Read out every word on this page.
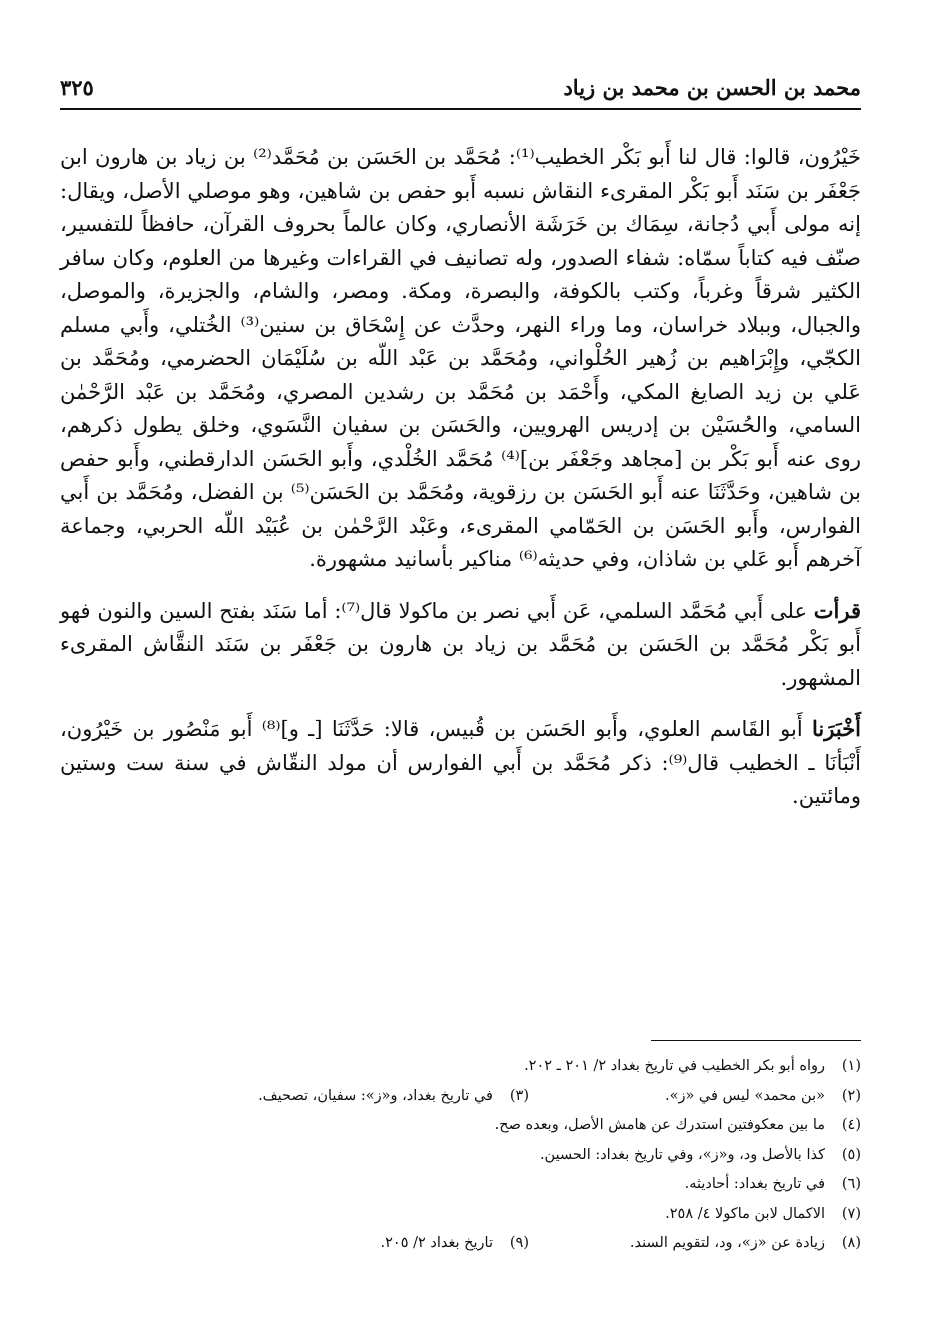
محمد بن الحسن بن محمد بن زياد
٣٢٥

خَيْرُون، قالوا: قال لنا أَبو بَكْر الخطيب⁽¹⁾: مُحَمَّد بن الحَسَن بن مُحَمَّد⁽²⁾ بن زياد بن هارون ابن جَعْفَر بن سَنَد أَبو بَكْر المقرىء النقاش نسبه أَبو حفص بن شاهين، وهو موصلي الأصل، ويقال: إنه مولى أَبي دُجانة، سِمَاك بن خَرَشَة الأنصاري، وكان عالماً بحروف القرآن، حافظاً للتفسير، صنّف فيه كتاباً سمّاه: شفاء الصدور، وله تصانيف في القراءات وغيرها من العلوم، وكان سافر الكثير شرقاً وغرباً، وكتب بالكوفة، والبصرة، ومكة. ومصر، والشام، والجزيرة، والموصل، والجبال، وببلاد خراسان، وما وراء النهر، وحدَّث عن إِسْحَاق بن سنين⁽³⁾ الخُتلي، وأَبي مسلم الكجّي، وإِبْرَاهيم بن زُهير الحُلْواني، ومُحَمَّد بن عَبْد اللّه بن سُلَيْمَان الحضرمي، ومُحَمَّد بن عَلي بن زيد الصايغ المكي، وأَحْمَد بن مُحَمَّد بن رشدين المصري، ومُحَمَّد بن عَبْد الرَّحْمٰن السامي، والحُسَيْن بن إدريس الهرويين، والحَسَن بن سفيان النَّسَوي، وخلق يطول ذكرهم، روى عنه أَبو بَكْر بن [مجاهد وجَعْفَر بن]⁽⁴⁾ مُحَمَّد الخُلْدي، وأَبو الحَسَن الدارقطني، وأَبو حفص بن شاهين، وحَدَّثَنَا عنه أَبو الحَسَن بن رزقوية، ومُحَمَّد بن الحَسَن⁽⁵⁾ بن الفضل، ومُحَمَّد بن أَبي الفوارس، وأَبو الحَسَن بن الحَمّامي المقرىء، وعَبْد الرَّحْمٰن بن عُبَيْد اللّه الحربي، وجماعة آخرهم أَبو عَلي بن شاذان، وفي حديثه⁽⁶⁾ مناكير بأسانيد مشهورة.

قرأت على أَبي مُحَمَّد السلمي، عَن أَبي نصر بن ماكولا قال⁽⁷⁾: أما سَنَد بفتح السين والنون فهو أَبو بَكْر مُحَمَّد بن الحَسَن بن مُحَمَّد بن زياد بن هارون بن جَعْفَر بن سَنَد النقَّاش المقرىء المشهور.

أَخْبَرَنا أَبو القَاسم العلوي، وأَبو الحَسَن بن قُبيس، قالا: حَدَّثَنَا [ـ و]⁽⁸⁾ أَبو مَنْصُور بن خَيْرُون، أَنْبَأنَا ـ الخطيب قال⁽⁹⁾: ذكر مُحَمَّد بن أَبي الفوارس أن مولد النقّاش في سنة ست وستين ومائتين.

(١)
رواه أبو بكر الخطيب في تاريخ بغداد ٢/ ٢٠١ ـ ٢٠٢.
(٢)
«بن محمد» ليس في «ز».
(٣)
في تاريخ بغداد، و«ز»: سفيان، تصحيف.
(٤)
ما بين معكوفتين استدرك عن هامش الأصل، وبعده صح.
(٥)
كذا بالأصل ود، و«ز»، وفي تاريخ بغداد: الحسين.
(٦)
في تاريخ بغداد: أحاديثه.
(٧)
الاكمال لابن ماكولا ٤/ ٢٥٨.
(٨)
زيادة عن «ز»، ود، لتقويم السند.
(٩)
تاريخ بغداد ٢/ ٢٠٥.
